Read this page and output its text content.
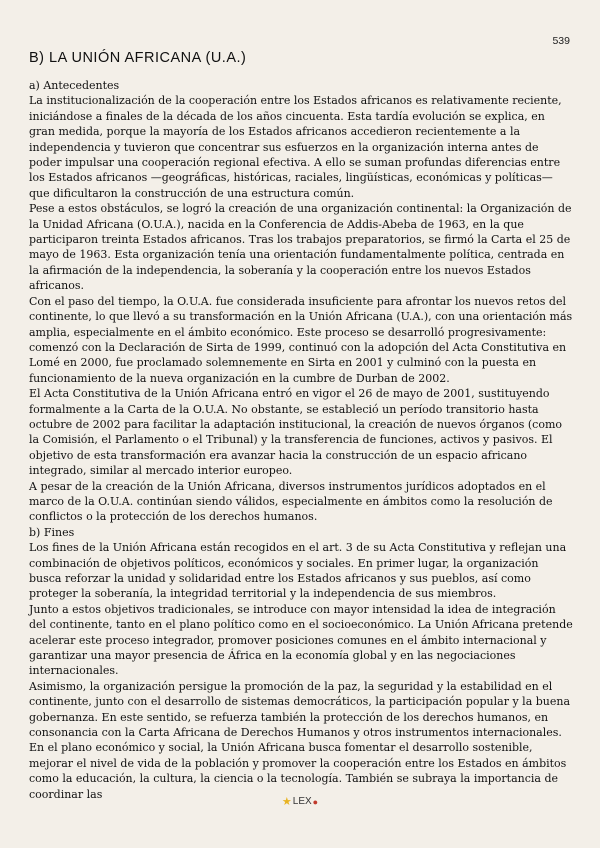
539
B) LA UNIÓN AFRICANA (U.A.)

a) Antecedentes

La institucionalización de la cooperación entre los Estados africanos es relativamente reciente, iniciándose a finales de la década de los años cincuenta. Esta tardía evolución se explica, en gran medida, porque la mayoría de los Estados africanos accedieron recientemente a la independencia y tuvieron que concentrar sus esfuerzos en la organización interna antes de poder impulsar una cooperación regional efectiva. A ello se suman profundas diferencias entre los Estados africanos —geográficas, históricas, raciales, lingüísticas, económicas y políticas— que dificultaron la construcción de una estructura común.

Pese a estos obstáculos, se logró la creación de una organización continental: la Organización de la Unidad Africana (O.U.A.), nacida en la Conferencia de Addis-Abeba de 1963, en la que participaron treinta Estados africanos. Tras los trabajos preparatorios, se firmó la Carta el 25 de mayo de 1963. Esta organización tenía una orientación fundamentalmente política, centrada en la afirmación de la independencia, la soberanía y la cooperación entre los nuevos Estados africanos.

Con el paso del tiempo, la O.U.A. fue considerada insuficiente para afrontar los nuevos retos del continente, lo que llevó a su transformación en la Unión Africana (U.A.), con una orientación más amplia, especialmente en el ámbito económico. Este proceso se desarrolló progresivamente: comenzó con la Declaración de Sirta de 1999, continuó con la adopción del Acta Constitutiva en Lomé en 2000, fue proclamado solemnemente en Sirta en 2001 y culminó con la puesta en funcionamiento de la nueva organización en la cumbre de Durban de 2002.

El Acta Constitutiva de la Unión Africana entró en vigor el 26 de mayo de 2001, sustituyendo formalmente a la Carta de la O.U.A. No obstante, se estableció un período transitorio hasta octubre de 2002 para facilitar la adaptación institucional, la creación de nuevos órganos (como la Comisión, el Parlamento o el Tribunal) y la transferencia de funciones, activos y pasivos. El objetivo de esta transformación era avanzar hacia la construcción de un espacio africano integrado, similar al mercado interior europeo.

A pesar de la creación de la Unión Africana, diversos instrumentos jurídicos adoptados en el marco de la O.U.A. continúan siendo válidos, especialmente en ámbitos como la resolución de conflictos o la protección de los derechos humanos.

b) Fines

Los fines de la Unión Africana están recogidos en el art. 3 de su Acta Constitutiva y reflejan una combinación de objetivos políticos, económicos y sociales. En primer lugar, la organización busca reforzar la unidad y solidaridad entre los Estados africanos y sus pueblos, así como proteger la soberanía, la integridad territorial y la independencia de sus miembros.

Junto a estos objetivos tradicionales, se introduce con mayor intensidad la idea de integración del continente, tanto en el plano político como en el socioeconómico. La Unión Africana pretende acelerar este proceso integrador, promover posiciones comunes en el ámbito internacional y garantizar una mayor presencia de África en la economía global y en las negociaciones internacionales.

Asimismo, la organización persigue la promoción de la paz, la seguridad y la estabilidad en el continente, junto con el desarrollo de sistemas democráticos, la participación popular y la buena gobernanza. En este sentido, se refuerza también la protección de los derechos humanos, en consonancia con la Carta Africana de Derechos Humanos y otros instrumentos internacionales.

En el plano económico y social, la Unión Africana busca fomentar el desarrollo sostenible, mejorar el nivel de vida de la población y promover la cooperación entre los Estados en ámbitos como la educación, la cultura, la ciencia o la tecnología. También se subraya la importancia de coordinar las

★ LEX ●
